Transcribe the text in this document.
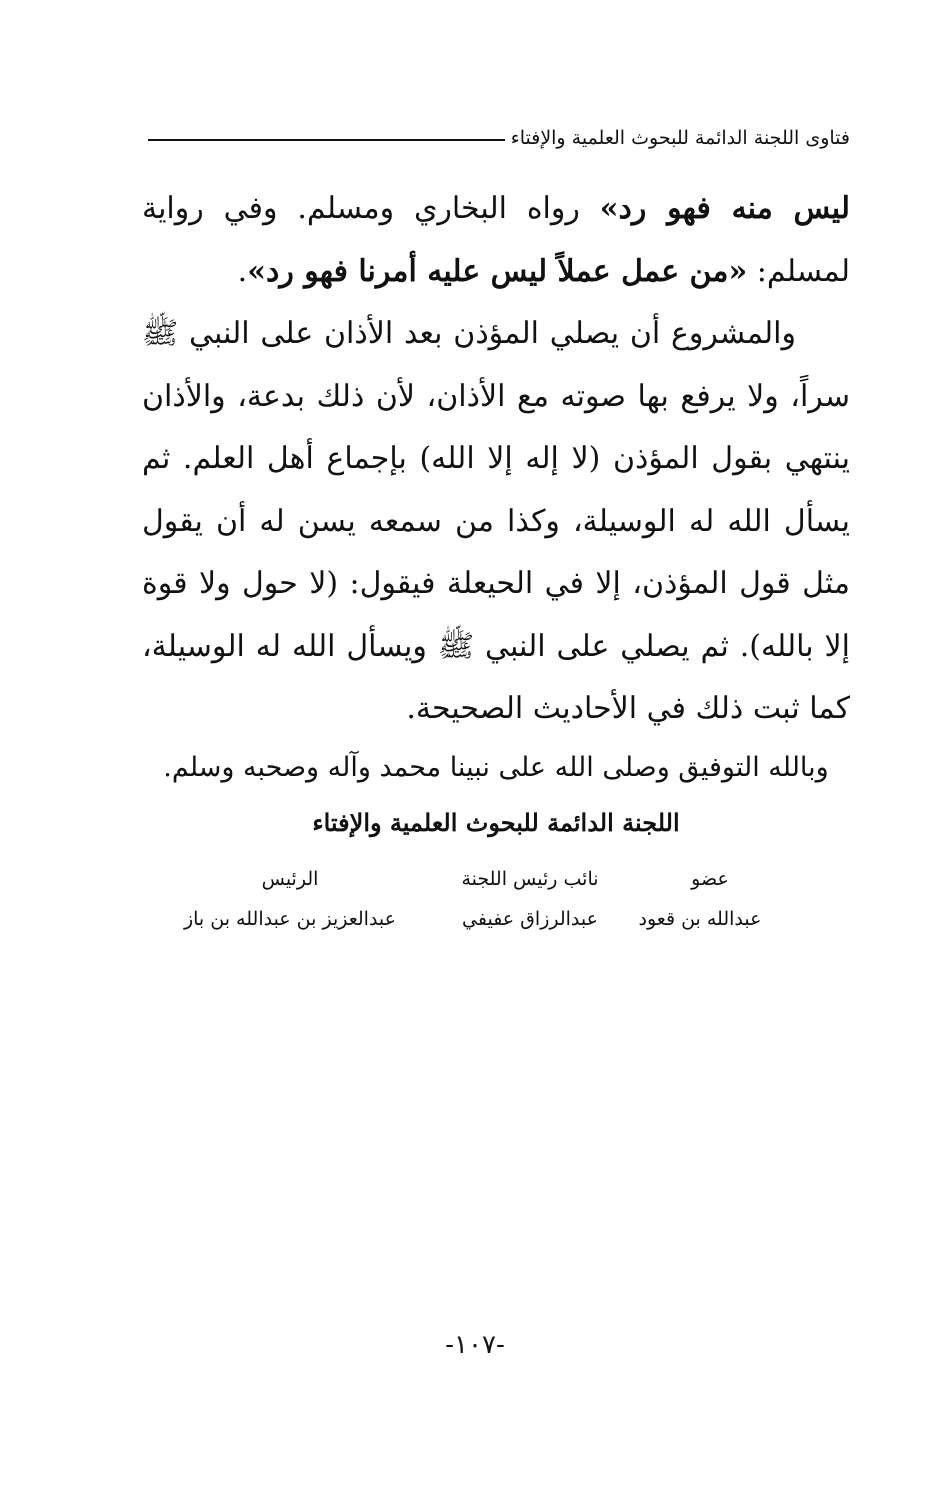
فتاوى اللجنة الدائمة للبحوث العلمية والإفتاء

ليس منه فهو رد» رواه البخاري ومسلم. وفي رواية لمسلم: «من عمل عملاً ليس عليه أمرنا فهو رد».

والمشروع أن يصلي المؤذن بعد الأذان على النبي ﷺ سراً، ولا يرفع بها صوته مع الأذان، لأن ذلك بدعة، والأذان ينتهي بقول المؤذن (لا إله إلا الله) بإجماع أهل العلم. ثم يسأل الله له الوسيلة، وكذا من سمعه يسن له أن يقول مثل قول المؤذن، إلا في الحيعلة فيقول: (لا حول ولا قوة إلا بالله). ثم يصلي على النبي ﷺ ويسأل الله له الوسيلة، كما ثبت ذلك في الأحاديث الصحيحة.

وبالله التوفيق وصلى الله على نبينا محمد وآله وصحبه وسلم.
اللجنة الدائمة للبحوث العلمية والإفتاء
عضو
نائب رئيس اللجنة
الرئيس
عبدالله بن قعود
عبدالرزاق عفيفي
عبدالعزيز بن عبدالله بن باز
-١٠٧-
